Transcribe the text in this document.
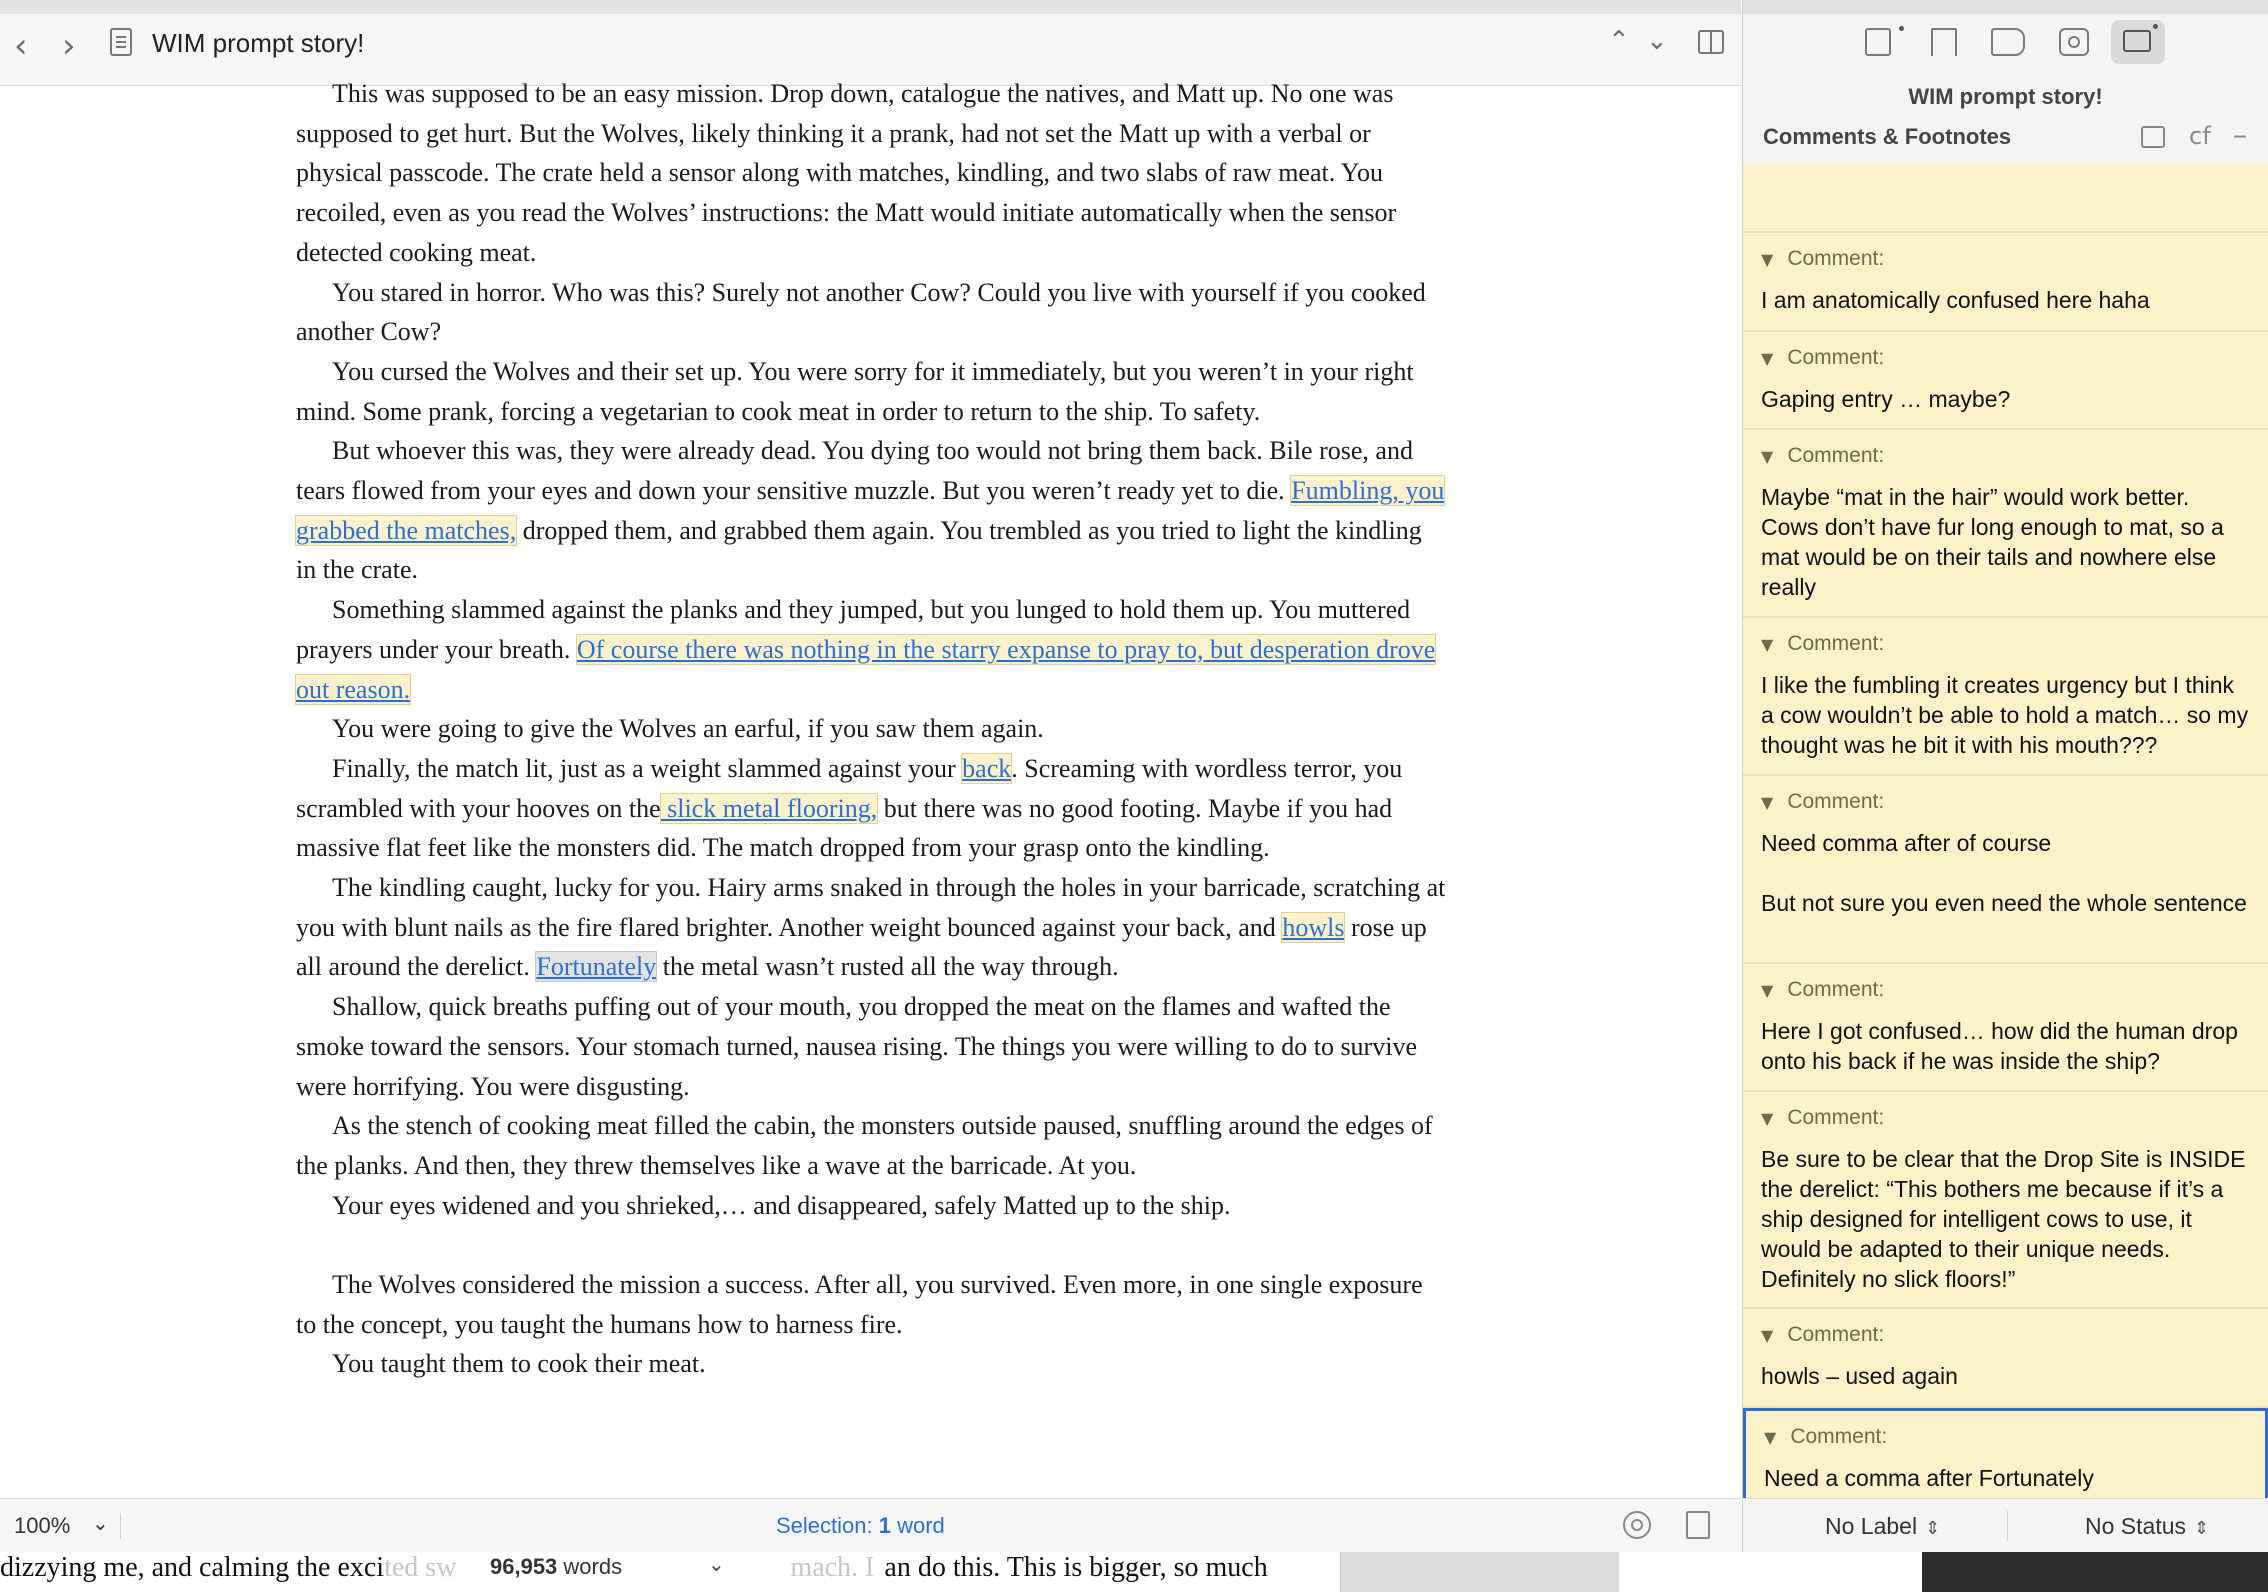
‹ ›	WIM prompt story!	⌃ ⌄

This was supposed to be an easy mission. Drop down, catalogue the natives, and Matt up. No one was supposed to get hurt. But the Wolves, likely thinking it a prank, had not set the Matt up with a verbal or physical passcode. The crate held a sensor along with matches, kindling, and two slabs of raw meat. You recoiled, even as you read the Wolves’ instructions: the Matt would initiate automatically when the sensor detected cooking meat.

You stared in horror. Who was this? Surely not another Cow? Could you live with yourself if you cooked another Cow?

You cursed the Wolves and their set up. You were sorry for it immediately, but you weren’t in your right mind. Some prank, forcing a vegetarian to cook meat in order to return to the ship. To safety.

But whoever this was, they were already dead. You dying too would not bring them back. Bile rose, and tears flowed from your eyes and down your sensitive muzzle. But you weren’t ready yet to die. Fumbling, you grabbed the matches, dropped them, and grabbed them again. You trembled as you tried to light the kindling in the crate.

Something slammed against the planks and they jumped, but you lunged to hold them up. You muttered prayers under your breath. Of course there was nothing in the starry expanse to pray to, but desperation drove out reason.

You were going to give the Wolves an earful, if you saw them again.

Finally, the match lit, just as a weight slammed against your back. Screaming with wordless terror, you scrambled with your hooves on the slick metal flooring, but there was no good footing. Maybe if you had massive flat feet like the monsters did. The match dropped from your grasp onto the kindling.

The kindling caught, lucky for you. Hairy arms snaked in through the holes in your barricade, scratching at you with blunt nails as the fire flared brighter. Another weight bounced against your back, and howls rose up all around the derelict. Fortunately the metal wasn’t rusted all the way through.

Shallow, quick breaths puffing out of your mouth, you dropped the meat on the flames and wafted the smoke toward the sensors. Your stomach turned, nausea rising. The things you were willing to do to survive were horrifying. You were disgusting.

As the stench of cooking meat filled the cabin, the monsters outside paused, snuffling around the edges of the planks. And then, they threw themselves like a wave at the barricade. At you.

Your eyes widened and you shrieked,… and disappeared, safely Matted up to the ship.

The Wolves considered the mission a success. After all, you survived. Even more, in one single exposure to the concept, you taught the humans how to harness fire.

You taught them to cook their meat.

100% ⌄	Selection: 1 word
WIM prompt story!
Comments & Footnotes	cf –
▼ Comment:
I am anatomically confused here haha
▼ Comment:
Gaping entry … maybe?
▼ Comment:
Maybe “mat in the hair” would work better. Cows don’t have fur long enough to mat, so a mat would be on their tails and nowhere else really
▼ Comment:
I like the fumbling it creates urgency but I think a cow wouldn’t be able to hold a match… so my thought was he bit it with his mouth???
▼ Comment:
Need comma after of course

But not sure you even need the whole sentence
▼ Comment:
Here I got confused… how did the human drop onto his back if he was inside the ship?
▼ Comment:
Be sure to be clear that the Drop Site is INSIDE the derelict: “This bothers me because if it’s a ship designed for intelligent cows to use, it would be adapted to their unique needs. Definitely no slick floors!”
▼ Comment:
howls – used again
▼ Comment:
Need a comma after Fortunately
No Label ⇕	No Status ⇕
dizzying me, and calming the excited sw	mach. I an do this. This is bigger, so much
96,953 words	⌄
